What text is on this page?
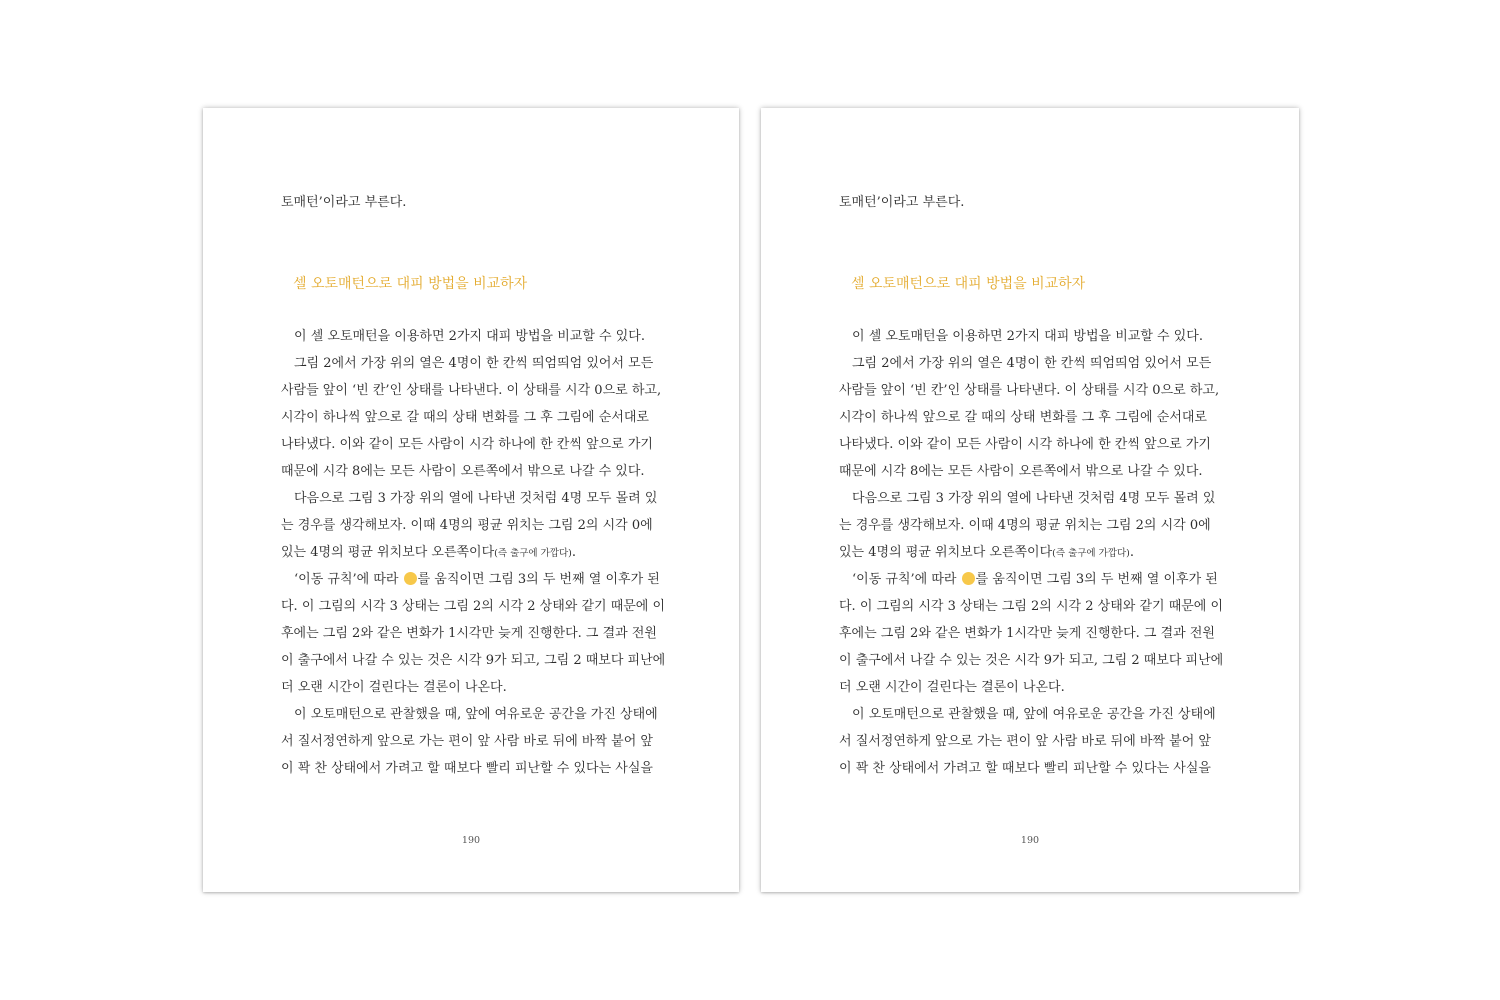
토매턴’이라고 부른다.

셀 오토매턴으로 대피 방법을 비교하자

이 셀 오토매턴을 이용하면 2가지 대피 방법을 비교할 수 있다.

그림 2에서 가장 위의 열은 4명이 한 칸씩 띄엄띄엄 있어서 모든

사람들 앞이 ‘빈 칸’인 상태를 나타낸다. 이 상태를 시각 0으로 하고,

시각이 하나씩 앞으로 갈 때의 상태 변화를 그 후 그림에 순서대로

나타냈다. 이와 같이 모든 사람이 시각 하나에 한 칸씩 앞으로 가기

때문에 시각 8에는 모든 사람이 오른쪽에서 밖으로 나갈 수 있다.

다음으로 그림 3 가장 위의 열에 나타낸 것처럼 4명 모두 몰려 있

는 경우를 생각해보자. 이때 4명의 평균 위치는 그림 2의 시각 0에

있는 4명의 평균 위치보다 오른쪽이다(즉 출구에 가깝다).

‘이동 규칙’에 따라 를 움직이면 그림 3의 두 번째 열 이후가 된

다. 이 그림의 시각 3 상태는 그림 2의 시각 2 상태와 같기 때문에 이

후에는 그림 2와 같은 변화가 1시각만 늦게 진행한다. 그 결과 전원

이 출구에서 나갈 수 있는 것은 시각 9가 되고, 그림 2 때보다 피난에

더 오랜 시간이 걸린다는 결론이 나온다.

이 오토매턴으로 관찰했을 때, 앞에 여유로운 공간을 가진 상태에

서 질서정연하게 앞으로 가는 편이 앞 사람 바로 뒤에 바짝 붙어 앞

이 꽉 찬 상태에서 가려고 할 때보다 빨리 피난할 수 있다는 사실을

190

토매턴’이라고 부른다.

셀 오토매턴으로 대피 방법을 비교하자

이 셀 오토매턴을 이용하면 2가지 대피 방법을 비교할 수 있다.

그림 2에서 가장 위의 열은 4명이 한 칸씩 띄엄띄엄 있어서 모든

사람들 앞이 ‘빈 칸’인 상태를 나타낸다. 이 상태를 시각 0으로 하고,

시각이 하나씩 앞으로 갈 때의 상태 변화를 그 후 그림에 순서대로

나타냈다. 이와 같이 모든 사람이 시각 하나에 한 칸씩 앞으로 가기

때문에 시각 8에는 모든 사람이 오른쪽에서 밖으로 나갈 수 있다.

다음으로 그림 3 가장 위의 열에 나타낸 것처럼 4명 모두 몰려 있

는 경우를 생각해보자. 이때 4명의 평균 위치는 그림 2의 시각 0에

있는 4명의 평균 위치보다 오른쪽이다(즉 출구에 가깝다).

‘이동 규칙’에 따라 를 움직이면 그림 3의 두 번째 열 이후가 된

다. 이 그림의 시각 3 상태는 그림 2의 시각 2 상태와 같기 때문에 이

후에는 그림 2와 같은 변화가 1시각만 늦게 진행한다. 그 결과 전원

이 출구에서 나갈 수 있는 것은 시각 9가 되고, 그림 2 때보다 피난에

더 오랜 시간이 걸린다는 결론이 나온다.

이 오토매턴으로 관찰했을 때, 앞에 여유로운 공간을 가진 상태에

서 질서정연하게 앞으로 가는 편이 앞 사람 바로 뒤에 바짝 붙어 앞

이 꽉 찬 상태에서 가려고 할 때보다 빨리 피난할 수 있다는 사실을

190
